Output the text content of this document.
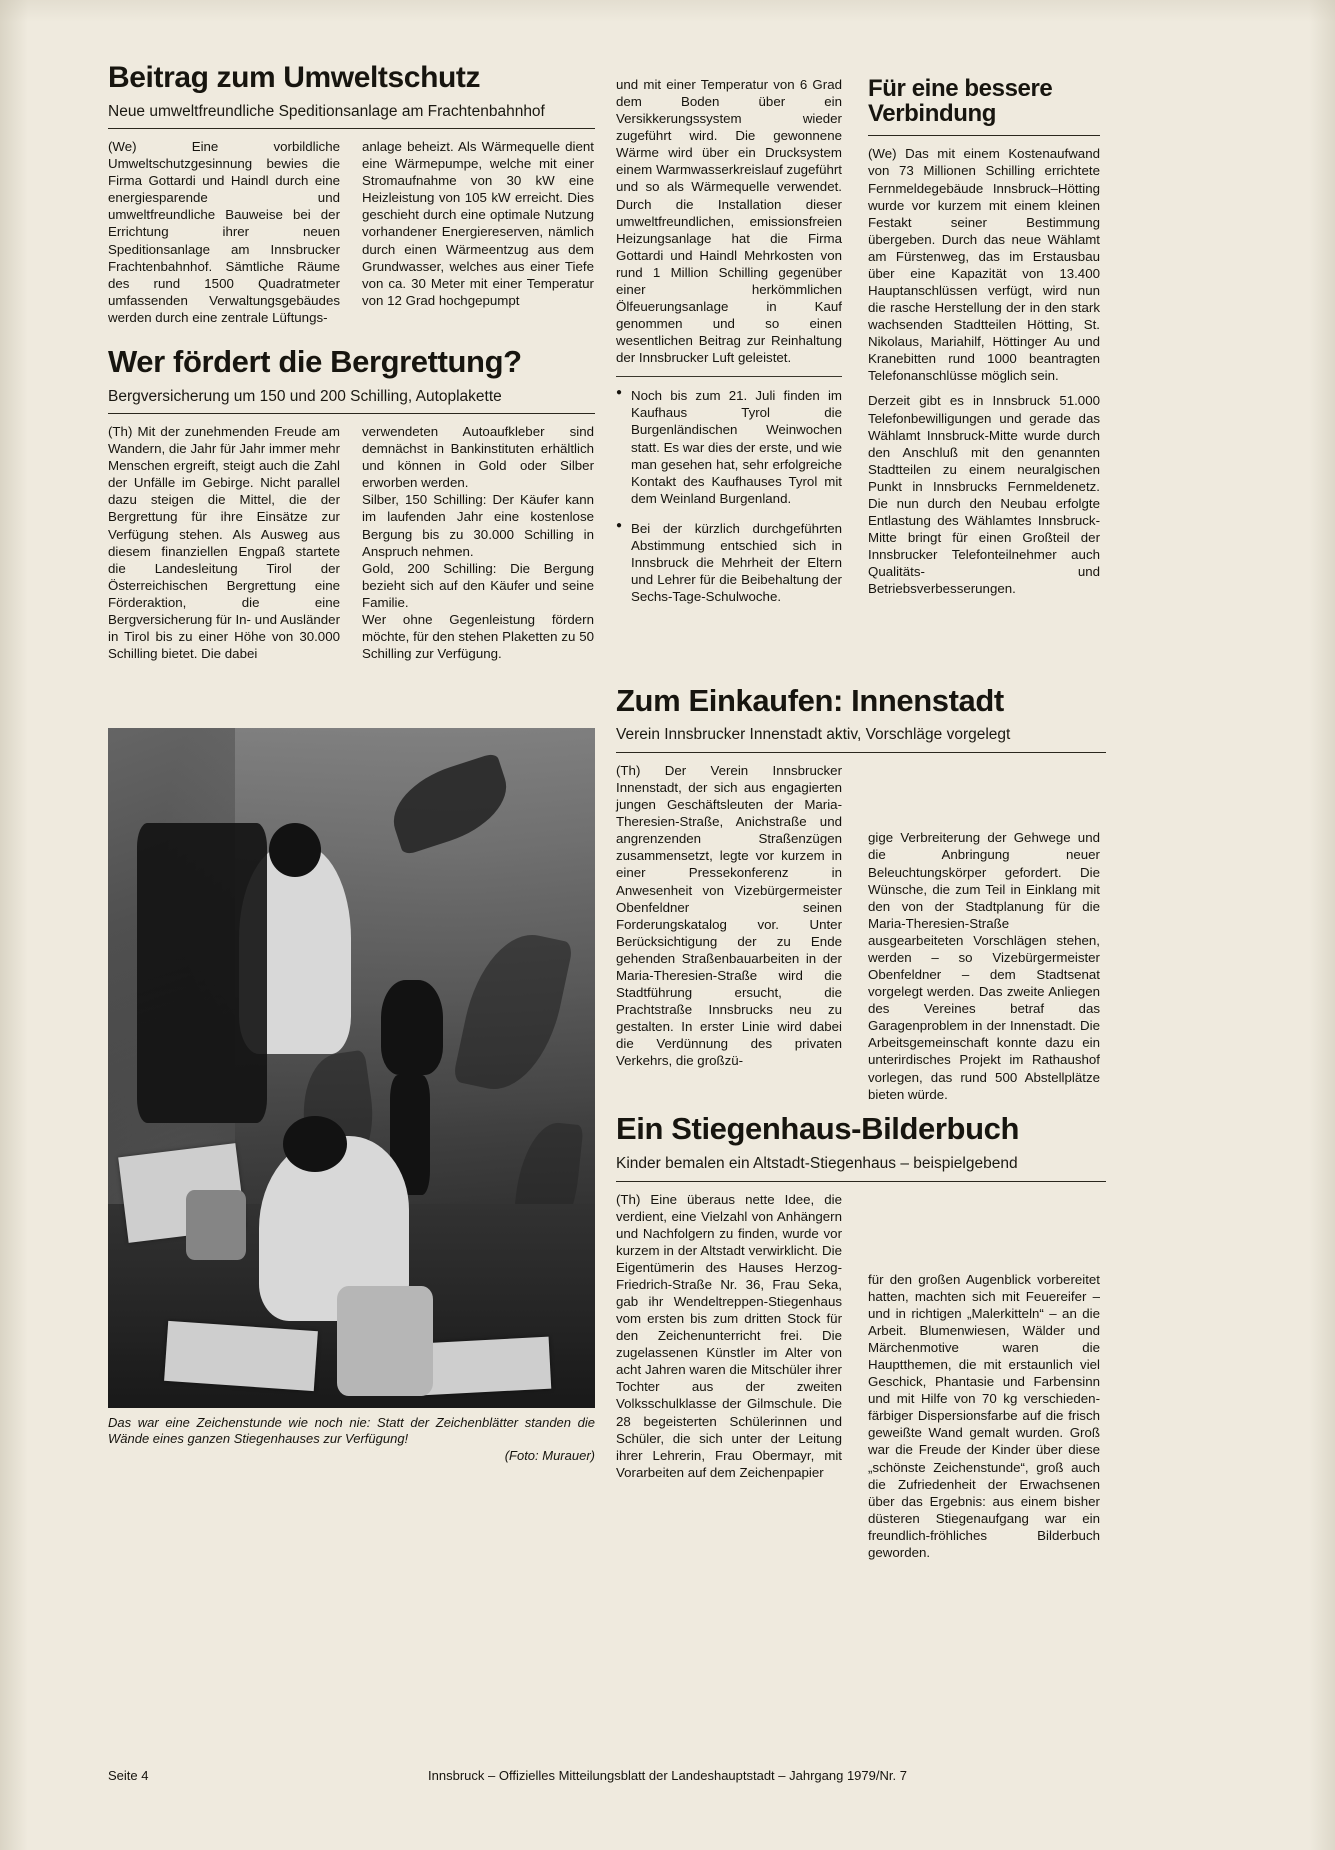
Beitrag zum Umweltschutz
Neue umweltfreundliche Speditionsanlage am Frachtenbahnhof

(We) Eine vorbildliche Umweltschutzgesinnung bewies die Firma Gottardi und Haindl durch eine energiesparende und umweltfreundliche Bauweise bei der Errichtung ihrer neuen Speditionsanlage am Innsbrucker Frachtenbahnhof. Sämtliche Räume des rund 1500 Quadratmeter umfassenden Verwaltungsgebäudes werden durch eine zentrale Lüftungs-

anlage beheizt. Als Wärmequelle dient eine Wärmepumpe, welche mit einer Stromaufnahme von 30 kW eine Heizleistung von 105 kW erreicht. Dies geschieht durch eine optimale Nutzung vorhandener Energiereserven, nämlich durch einen Wärmeentzug aus dem Grundwasser, welches aus einer Tiefe von ca. 30 Meter mit einer Temperatur von 12 Grad hochgepumpt

Wer fördert die Bergrettung?
Bergversicherung um 150 und 200 Schilling, Autoplakette

(Th) Mit der zunehmenden Freude am Wandern, die Jahr für Jahr immer mehr Menschen ergreift, steigt auch die Zahl der Unfälle im Gebirge. Nicht parallel dazu steigen die Mittel, die der Bergrettung für ihre Einsätze zur Verfügung stehen. Als Ausweg aus diesem finanziellen Engpaß startete die Landesleitung Tirol der Österreichischen Bergrettung eine Förderaktion, die eine Bergversicherung für In- und Ausländer in Tirol bis zu einer Höhe von 30.000 Schilling bietet. Die dabei

verwendeten Autoaufkleber sind demnächst in Bankinstituten erhältlich und können in Gold oder Silber erworben werden.
Silber, 150 Schilling: Der Käufer kann im laufenden Jahr eine kostenlose Bergung bis zu 30.000 Schilling in Anspruch nehmen.
Gold, 200 Schilling: Die Bergung bezieht sich auf den Käufer und seine Familie.
Wer ohne Gegenleistung fördern möchte, für den stehen Plaketten zu 50 Schilling zur Verfügung.

Das war eine Zeichenstunde wie noch nie: Statt der Zeichenblätter standen die Wände eines ganzen Stiegenhauses zur Verfügung!
(Foto: Murauer)

und mit einer Temperatur von 6 Grad dem Boden über ein Versikkerungssystem wieder zugeführt wird. Die gewonnene Wärme wird über ein Drucksystem einem Warmwasserkreislauf zugeführt und so als Wärmequelle verwendet. Durch die Installation dieser umweltfreundlichen, emissionsfreien Heizungsanlage hat die Firma Gottardi und Haindl Mehrkosten von rund 1 Million Schilling gegenüber einer herkömmlichen Ölfeuerungsanlage in Kauf genommen und so einen wesentlichen Beitrag zur Reinhaltung der Innsbrucker Luft geleistet.

● Noch bis zum 21. Juli finden im Kaufhaus Tyrol die Burgenländischen Weinwochen statt. Es war dies der erste, und wie man gesehen hat, sehr erfolgreiche Kontakt des Kaufhauses Tyrol mit dem Weinland Burgenland.

● Bei der kürzlich durchgeführten Abstimmung entschied sich in Innsbruck die Mehrheit der Eltern und Lehrer für die Beibehaltung der Sechs-Tage-Schulwoche.

Zum Einkaufen: Innenstadt
Verein Innsbrucker Innenstadt aktiv, Vorschläge vorgelegt

(Th) Der Verein Innsbrucker Innenstadt, der sich aus engagierten jungen Geschäftsleuten der Maria-Theresien-Straße, Anichstraße und angrenzenden Straßenzügen zusammensetzt, legte vor kurzem in einer Pressekonferenz in Anwesenheit von Vizebürgermeister Obenfeldner seinen Forderungskatalog vor. Unter Berücksichtigung der zu Ende gehenden Straßenbauarbeiten in der Maria-Theresien-Straße wird die Stadtführung ersucht, die Prachtstraße Innsbrucks neu zu gestalten. In erster Linie wird dabei die Verdünnung des privaten Verkehrs, die großzü-

Ein Stiegenhaus-Bilderbuch
Kinder bemalen ein Altstadt-Stiegenhaus – beispielgebend

(Th) Eine überaus nette Idee, die verdient, eine Vielzahl von Anhängern und Nachfolgern zu finden, wurde vor kurzem in der Altstadt verwirklicht. Die Eigentümerin des Hauses Herzog-Friedrich-Straße Nr. 36, Frau Seka, gab ihr Wendeltreppen-Stiegenhaus vom ersten bis zum dritten Stock für den Zeichenunterricht frei. Die zugelassenen Künstler im Alter von acht Jahren waren die Mitschüler ihrer Tochter aus der zweiten Volksschulklasse der Gilmschule. Die 28 begeisterten Schülerinnen und Schüler, die sich unter der Leitung ihrer Lehrerin, Frau Obermayr, mit Vorarbeiten auf dem Zeichenpapier

Für eine bessere Verbindung

(We) Das mit einem Kostenaufwand von 73 Millionen Schilling errichtete Fernmeldegebäude Innsbruck–Hötting wurde vor kurzem mit einem kleinen Festakt seiner Bestimmung übergeben. Durch das neue Wählamt am Fürstenweg, das im Erstausbau über eine Kapazität von 13.400 Hauptanschlüssen verfügt, wird nun die rasche Herstellung der in den stark wachsenden Stadtteilen Hötting, St. Nikolaus, Mariahilf, Höttinger Au und Kranebitten rund 1000 beantragten Telefonanschlüsse möglich sein.

Derzeit gibt es in Innsbruck 51.000 Telefonbewilligungen und gerade das Wählamt Innsbruck-Mitte wurde durch den Anschluß mit den genannten Stadtteilen zu einem neuralgischen Punkt in Innsbrucks Fernmeldenetz. Die nun durch den Neubau erfolgte Entlastung des Wählamtes Innsbruck-Mitte bringt für einen Großteil der Innsbrucker Telefonteilnehmer auch Qualitäts- und Betriebsverbesserungen.

gige Verbreiterung der Gehwege und die Anbringung neuer Beleuchtungskörper gefordert. Die Wünsche, die zum Teil in Einklang mit den von der Stadtplanung für die Maria-Theresien-Straße ausgearbeiteten Vorschlägen stehen, werden – so Vizebürgermeister Obenfeldner – dem Stadtsenat vorgelegt werden. Das zweite Anliegen des Vereines betraf das Garagenproblem in der Innenstadt. Die Arbeitsgemeinschaft konnte dazu ein unterirdisches Projekt im Rathaushof vorlegen, das rund 500 Abstellplätze bieten würde.

für den großen Augenblick vorbereitet hatten, machten sich mit Feuereifer – und in richtigen „Malerkitteln“ – an die Arbeit. Blumenwiesen, Wälder und Märchenmotive waren die Hauptthemen, die mit erstaunlich viel Geschick, Phantasie und Farbensinn und mit Hilfe von 70 kg verschieden-färbiger Dispersionsfarbe auf die frisch geweißte Wand gemalt wurden. Groß war die Freude der Kinder über diese „schönste Zeichenstunde“, groß auch die Zufriedenheit der Erwachsenen über das Ergebnis: aus einem bisher düsteren Stiegenaufgang war ein freundlich-fröhliches Bilderbuch geworden.

Seite 4	Innsbruck – Offizielles Mitteilungsblatt der Landeshauptstadt – Jahrgang 1979/Nr. 7
